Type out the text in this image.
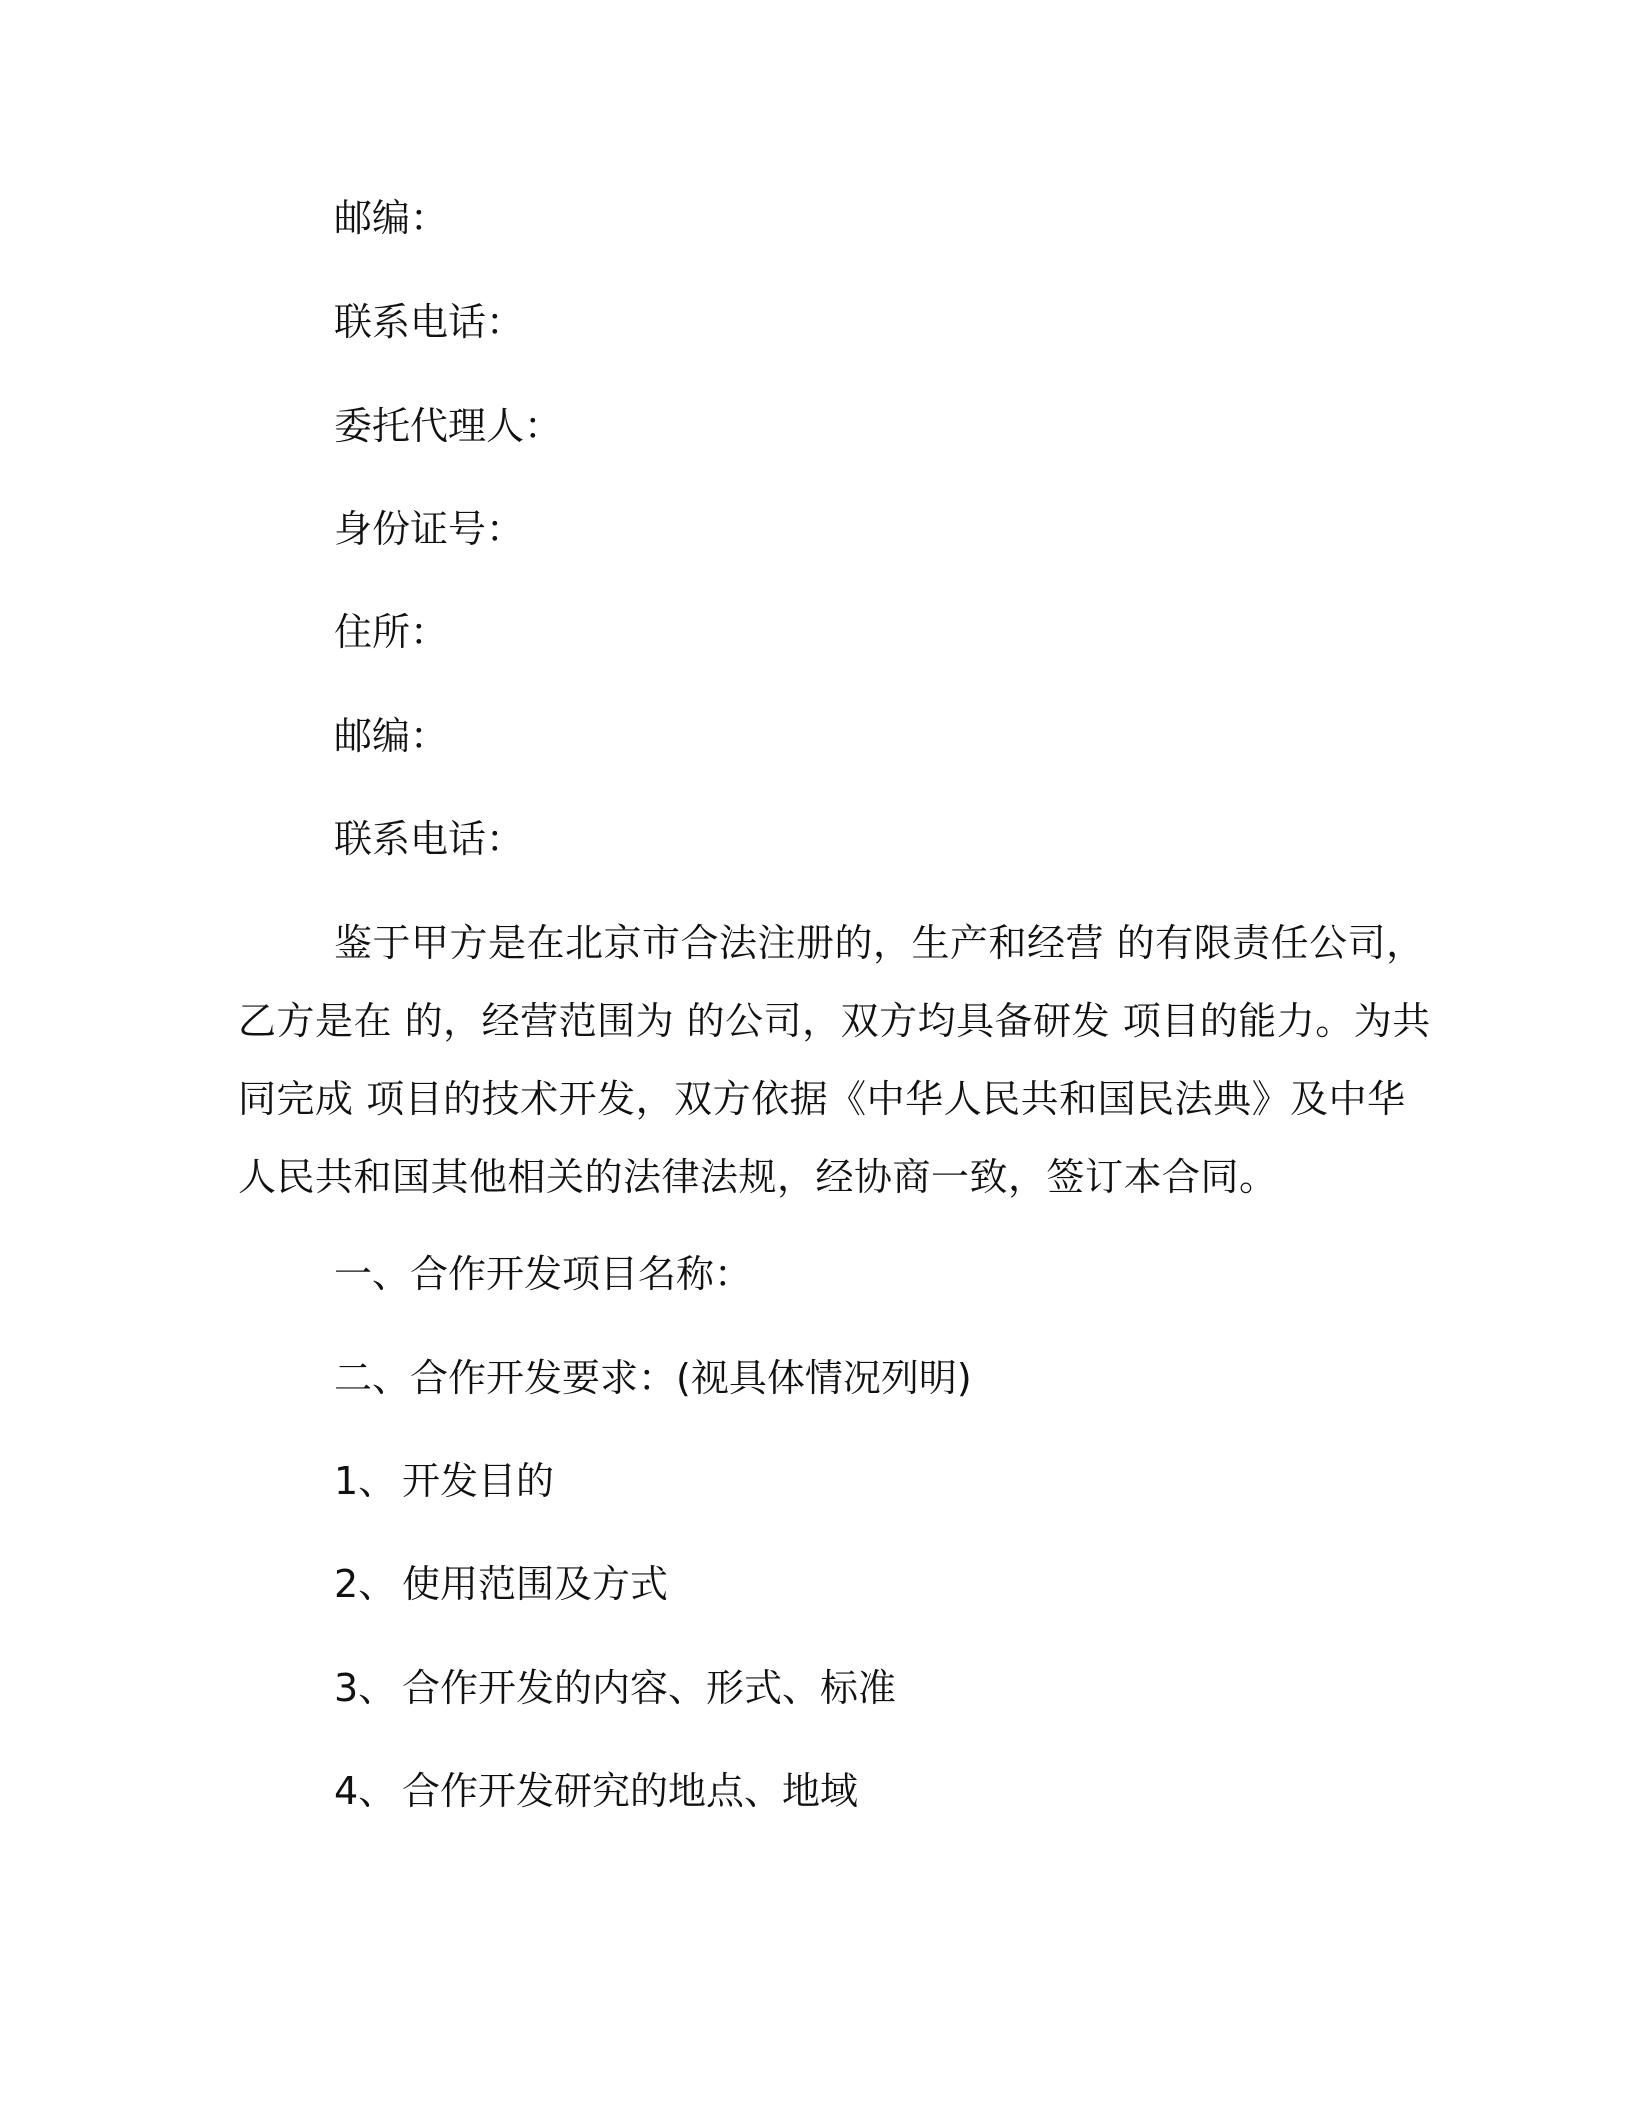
邮编：
联系电话：
委托代理人：
身份证号：
住所：
邮编：
联系电话：
鉴于甲方是在北京市合法注册的，生产和经营 的有限责任公司，
乙方是在 的，经营范围为 的公司，双方均具备研发 项目的能力。为共
同完成 项目的技术开发，双方依据《中华人民共和国民法典》及中华
人民共和国其他相关的法律法规，经协商一致，签订本合同。
一、合作开发项目名称：
二、合作开发要求：(视具体情况列明)
1、 开发目的
2、 使用范围及方式
3、 合作开发的内容、形式、标准
4、 合作开发研究的地点、地域
